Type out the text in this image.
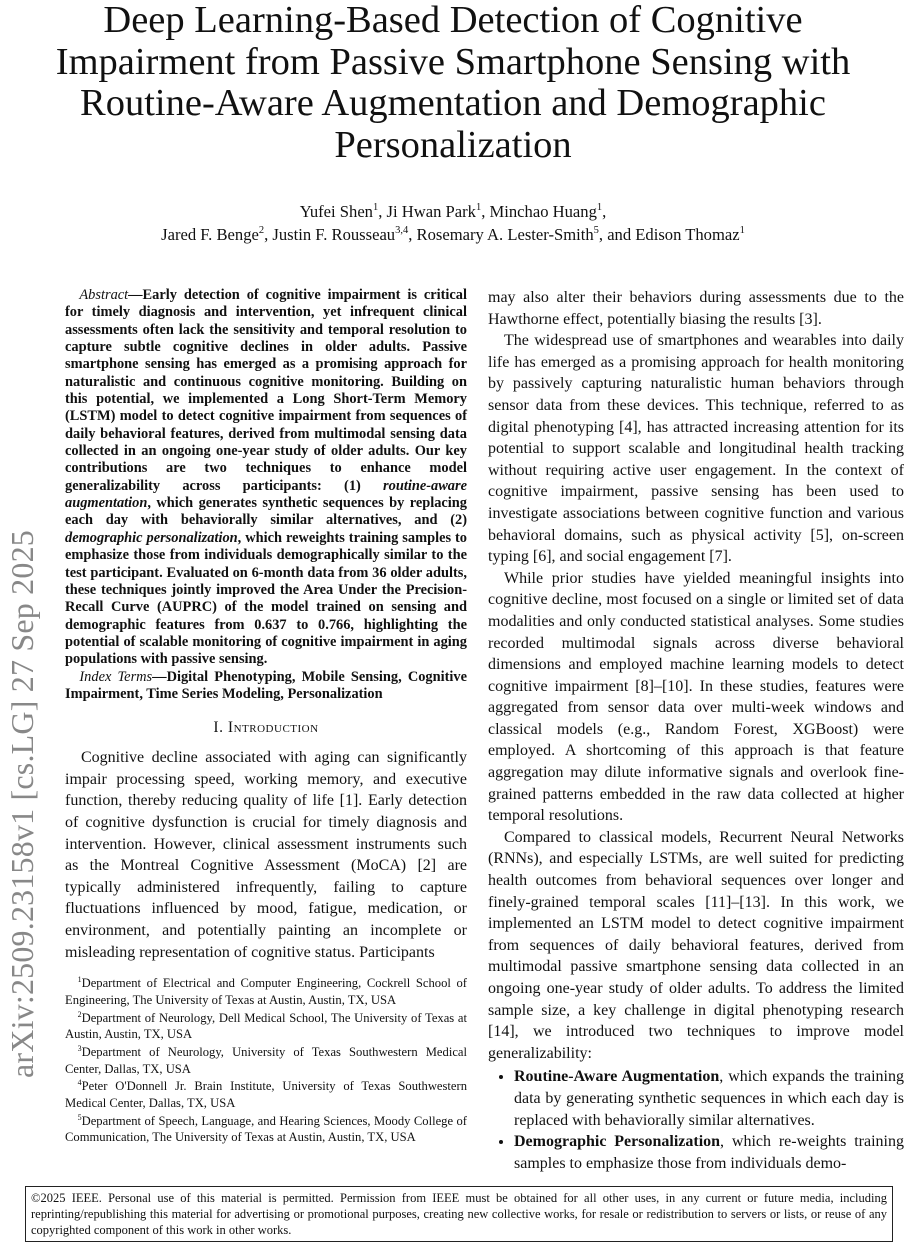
Deep Learning-Based Detection of Cognitive
Impairment from Passive Smartphone Sensing with
Routine-Aware Augmentation and Demographic
Personalization
Yufei Shen$^1$, Ji Hwan Park$^1$, Minchao Huang$^1$,
Jared F. Benge$^2$, Justin F. Rousseau$^{3,4}$, Rosemary A. Lester-Smith$^5$, and Edison Thomaz$^1$
arXiv:2509.23158v1 [cs.LG] 27 Sep 2025

Abstract—Early detection of cognitive impairment is critical for timely diagnosis and intervention, yet infrequent clinical assessments often lack the sensitivity and temporal resolution to capture subtle cognitive declines in older adults. Passive smartphone sensing has emerged as a promising approach for naturalistic and continuous cognitive monitoring. Building on this potential, we implemented a Long Short-Term Memory (LSTM) model to detect cognitive impairment from sequences of daily behavioral features, derived from multimodal sensing data collected in an ongoing one-year study of older adults. Our key contributions are two techniques to enhance model generalizability across participants: (1) routine-aware augmentation, which generates synthetic sequences by replacing each day with behaviorally similar alternatives, and (2) demographic personalization, which reweights training samples to emphasize those from individuals demographically similar to the test participant. Evaluated on 6-month data from 36 older adults, these techniques jointly improved the Area Under the Precision-Recall Curve (AUPRC) of the model trained on sensing and demographic features from 0.637 to 0.766, highlighting the potential of scalable monitoring of cognitive impairment in aging populations with passive sensing.

Index Terms—Digital Phenotyping, Mobile Sensing, Cognitive Impairment, Time Series Modeling, Personalization

I. Introduction

Cognitive decline associated with aging can significantly impair processing speed, working memory, and executive function, thereby reducing quality of life [1]. Early detection of cognitive dysfunction is crucial for timely diagnosis and intervention. However, clinical assessment instruments such as the Montreal Cognitive Assessment (MoCA) [2] are typically administered infrequently, failing to capture fluctuations influenced by mood, fatigue, medication, or environment, and potentially painting an incomplete or misleading representation of cognitive status. Participants

$^1$Department of Electrical and Computer Engineering, Cockrell School of Engineering, The University of Texas at Austin, Austin, TX, USA

$^2$Department of Neurology, Dell Medical School, The University of Texas at Austin, Austin, TX, USA

$^3$Department of Neurology, University of Texas Southwestern Medical Center, Dallas, TX, USA

$^4$Peter O'Donnell Jr. Brain Institute, University of Texas Southwestern Medical Center, Dallas, TX, USA

$^5$Department of Speech, Language, and Hearing Sciences, Moody College of Communication, The University of Texas at Austin, Austin, TX, USA

may also alter their behaviors during assessments due to the Hawthorne effect, potentially biasing the results [3].

The widespread use of smartphones and wearables into daily life has emerged as a promising approach for health monitoring by passively capturing naturalistic human behaviors through sensor data from these devices. This technique, referred to as digital phenotyping [4], has attracted increasing attention for its potential to support scalable and longitudinal health tracking without requiring active user engagement. In the context of cognitive impairment, passive sensing has been used to investigate associations between cognitive function and various behavioral domains, such as physical activity [5], on-screen typing [6], and social engagement [7].

While prior studies have yielded meaningful insights into cognitive decline, most focused on a single or limited set of data modalities and only conducted statistical analyses. Some studies recorded multimodal signals across diverse behavioral dimensions and employed machine learning models to detect cognitive impairment [8]–[10]. In these studies, features were aggregated from sensor data over multi-week windows and classical models (e.g., Random Forest, XGBoost) were employed. A shortcoming of this approach is that feature aggregation may dilute informative signals and overlook fine-grained patterns embedded in the raw data collected at higher temporal resolutions.

Compared to classical models, Recurrent Neural Networks (RNNs), and especially LSTMs, are well suited for predicting health outcomes from behavioral sequences over longer and finely-grained temporal scales [11]–[13]. In this work, we implemented an LSTM model to detect cognitive impairment from sequences of daily behavioral features, derived from multimodal passive smartphone sensing data collected in an ongoing one-year study of older adults. To address the limited sample size, a key challenge in digital phenotyping research [14], we introduced two techniques to improve model generalizability:

• Routine-Aware Augmentation, which expands the training data by generating synthetic sequences in which each day is replaced with behaviorally similar alternatives.
• Demographic Personalization, which re-weights training samples to emphasize those from individuals demo-
©2025 IEEE. Personal use of this material is permitted. Permission from IEEE must be obtained for all other uses, in any current or future media, including reprinting/republishing this material for advertising or promotional purposes, creating new collective works, for resale or redistribution to servers or lists, or reuse of any copyrighted component of this work in other works.
